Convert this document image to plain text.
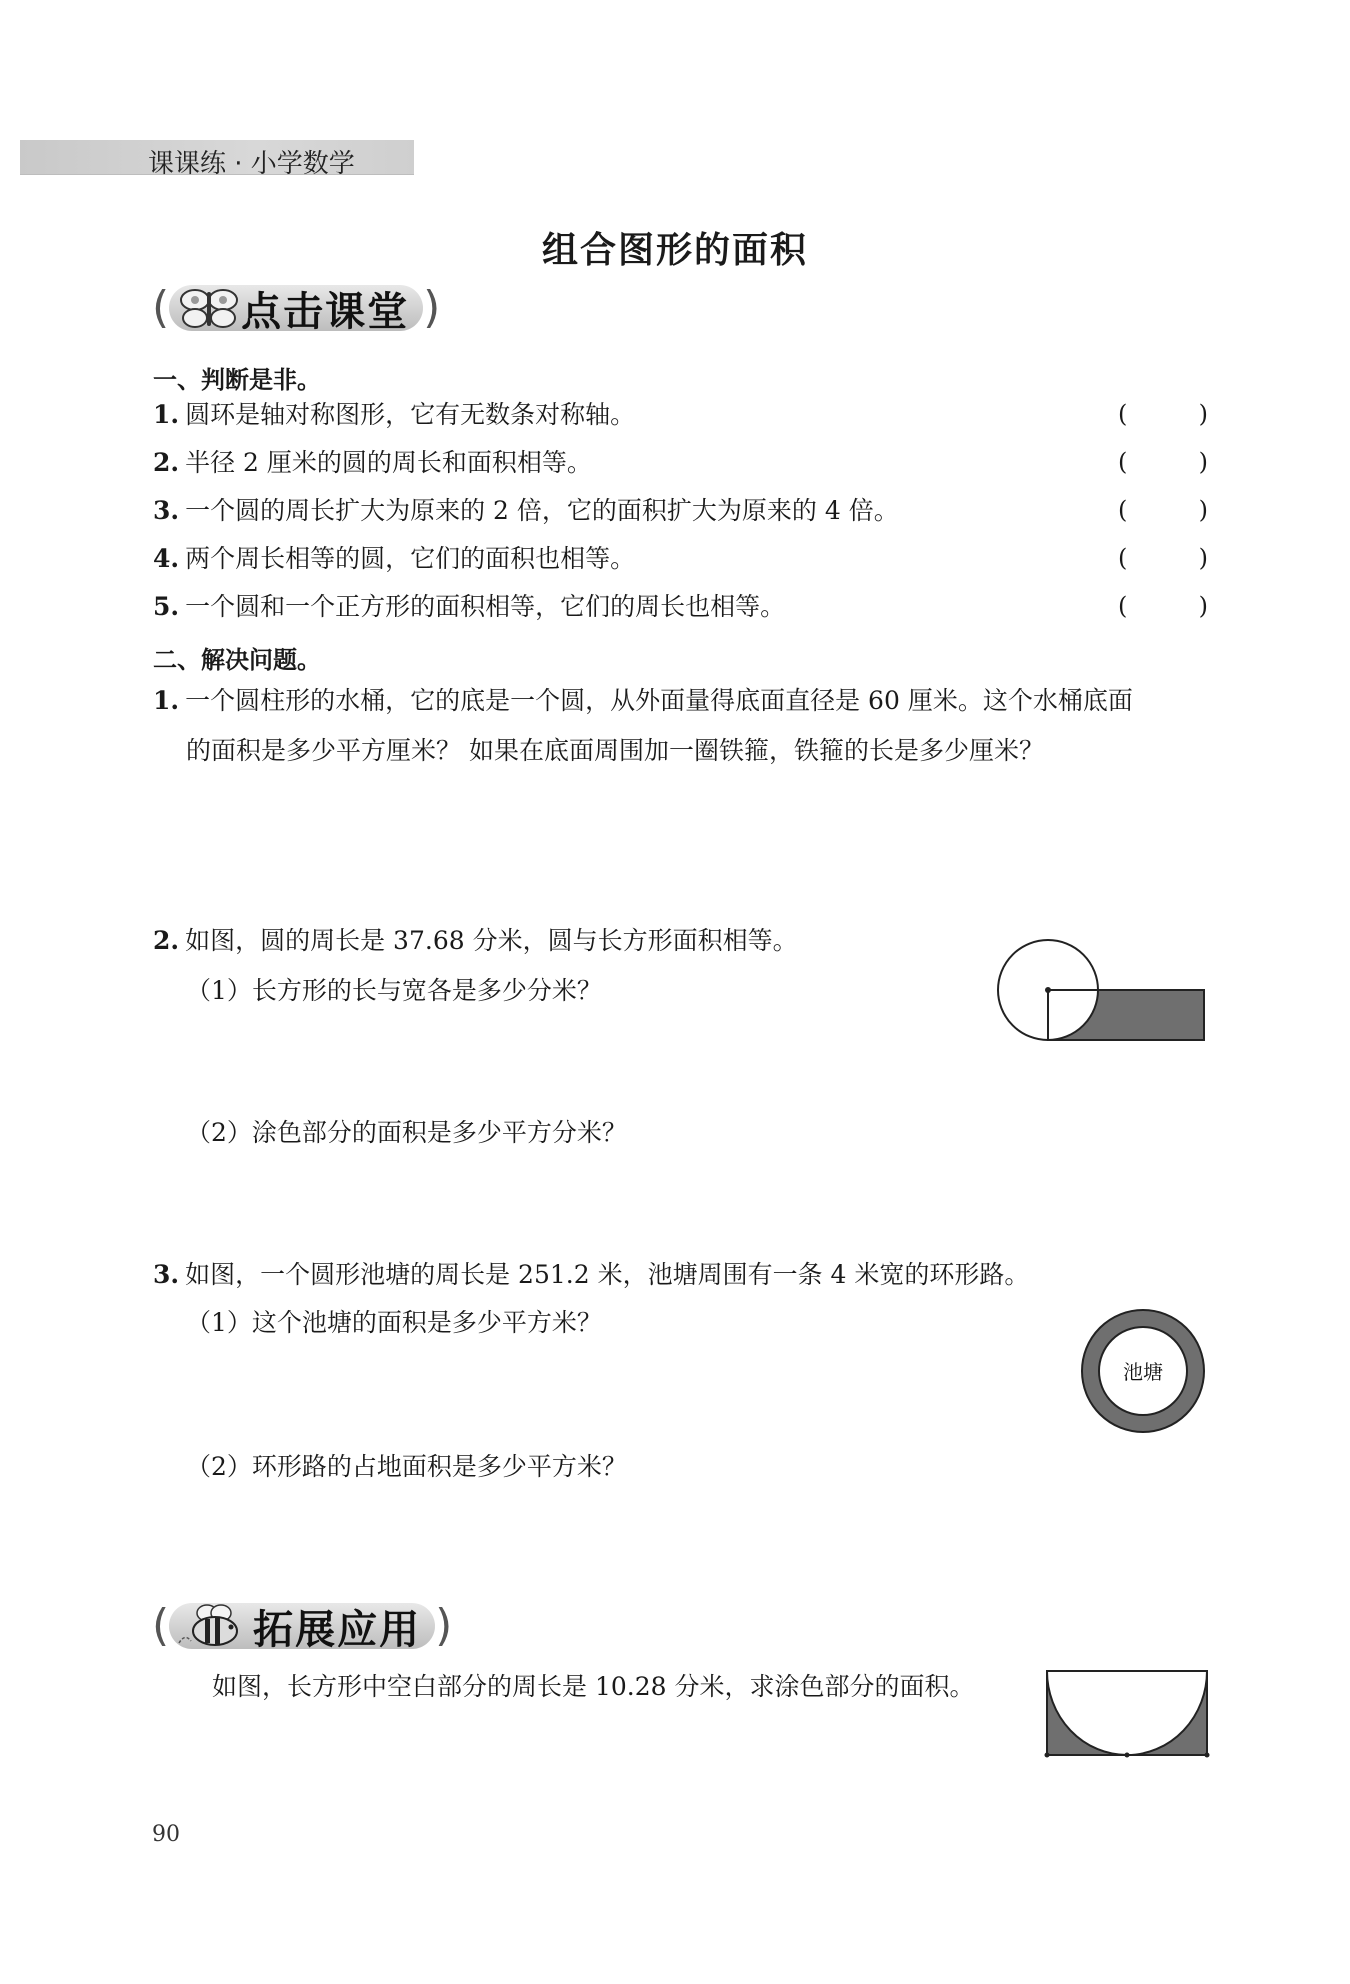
课课练 · 小学数学
组合图形的面积
( 点击课堂 )
一、判断是非。
1. 圆环是轴对称图形，它有无数条对称轴。	(	)
2. 半径 2 厘米的圆的周长和面积相等。	(	)
3. 一个圆的周长扩大为原来的 2 倍，它的面积扩大为原来的 4 倍。	(	)
4. 两个周长相等的圆，它们的面积也相等。	(	)
5. 一个圆和一个正方形的面积相等，它们的周长也相等。	(	)
二、解决问题。
1. 一个圆柱形的水桶，它的底是一个圆，从外面量得底面直径是 60 厘米。这个水桶底面
的面积是多少平方厘米？ 如果在底面周围加一圈铁箍，铁箍的长是多少厘米？
2. 如图，圆的周长是 37.68 分米，圆与长方形面积相等。
（1）长方形的长与宽各是多少分米？
（2）涂色部分的面积是多少平方分米？
3. 如图，一个圆形池塘的周长是 251.2 米，池塘周围有一条 4 米宽的环形路。
（1）这个池塘的面积是多少平方米？
（2）环形路的占地面积是多少平方米？
池塘
( 拓展应用 )
如图，长方形中空白部分的周长是 10.28 分米，求涂色部分的面积。
90
